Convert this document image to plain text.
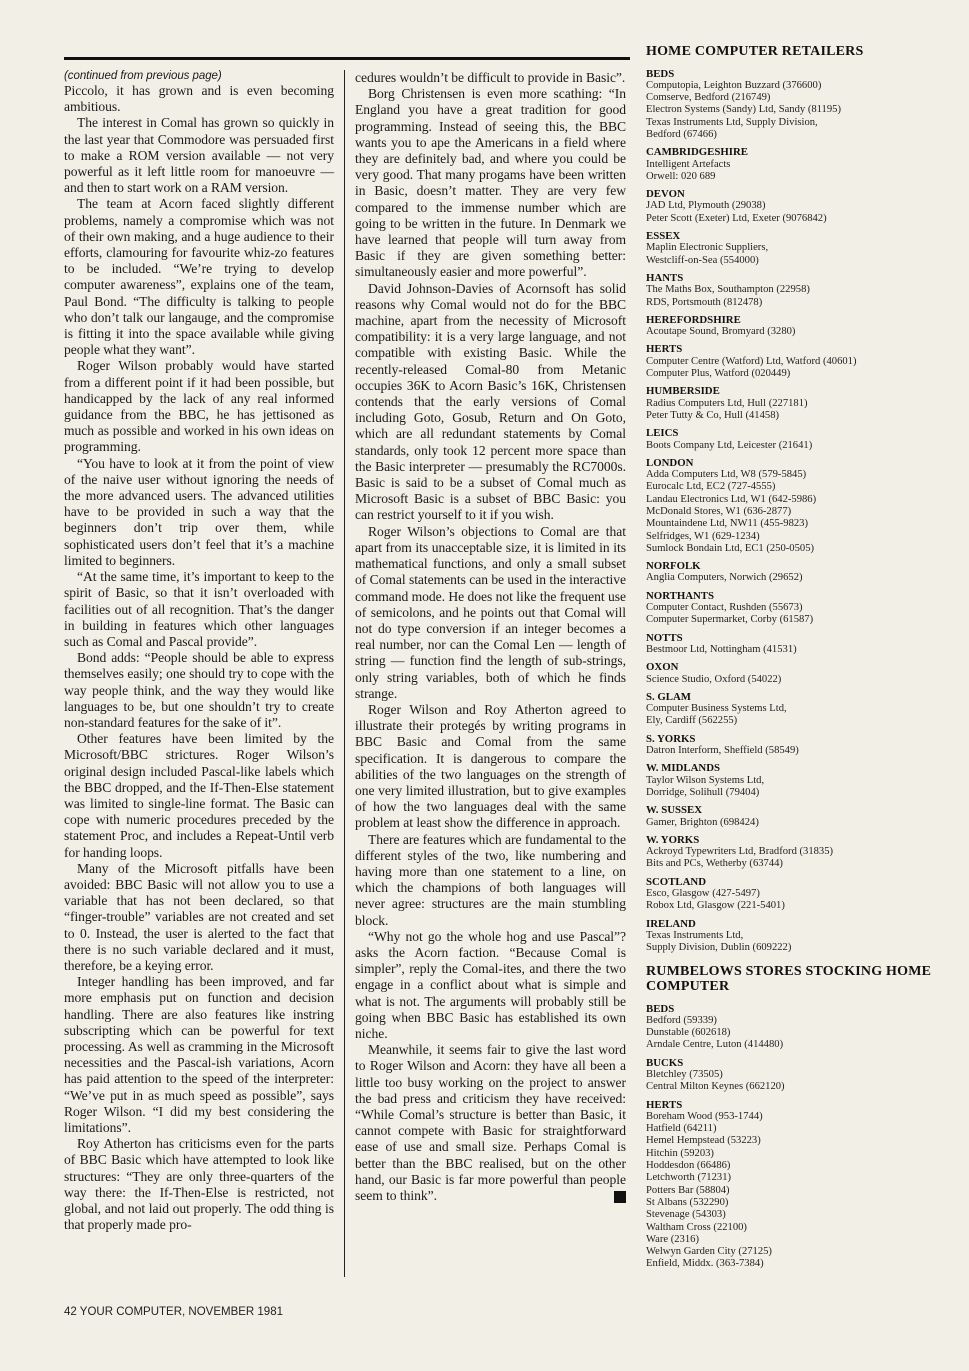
(continued from previous page)

Piccolo, it has grown and is even becoming ambitious.

The interest in Comal has grown so quickly in the last year that Commodore was persuaded first to make a ROM version available — not very powerful as it left little room for manoeuvre — and then to start work on a RAM version.

The team at Acorn faced slightly different problems, namely a compromise which was not of their own making, and a huge audience to their efforts, clamouring for favourite whiz-zo features to be included. “We’re trying to develop computer awareness”, explains one of the team, Paul Bond. “The difficulty is talking to people who don’t talk our langauge, and the compromise is fitting it into the space available while giving people what they want”.

Roger Wilson probably would have started from a different point if it had been possible, but handicapped by the lack of any real informed guidance from the BBC, he has jettisoned as much as possible and worked in his own ideas on programming.

“You have to look at it from the point of view of the naive user without ignoring the needs of the more advanced users. The advanced utilities have to be provided in such a way that the beginners don’t trip over them, while sophisticated users don’t feel that it’s a machine limited to beginners.

“At the same time, it’s important to keep to the spirit of Basic, so that it isn’t overloaded with facilities out of all recognition. That’s the danger in building in features which other languages such as Comal and Pascal provide”.

Bond adds: “People should be able to express themselves easily; one should try to cope with the way people think, and the way they would like languages to be, but one shouldn’t try to create non-standard features for the sake of it”.

Other features have been limited by the Microsoft/BBC strictures. Roger Wilson’s original design included Pascal-like labels which the BBC dropped, and the If-Then-Else statement was limited to single-line format. The Basic can cope with numeric procedures preceded by the statement Proc, and includes a Repeat-Until verb for handing loops.

Many of the Microsoft pitfalls have been avoided: BBC Basic will not allow you to use a variable that has not been declared, so that “finger-trouble” variables are not created and set to 0. Instead, the user is alerted to the fact that there is no such variable declared and it must, therefore, be a keying error.

Integer handling has been improved, and far more emphasis put on function and decision handling. There are also features like instring subscripting which can be powerful for text processing. As well as cramming in the Microsoft necessities and the Pascal-ish variations, Acorn has paid attention to the speed of the interpreter: “We’ve put in as much speed as possible”, says Roger Wilson. “I did my best considering the limitations”.

Roy Atherton has criticisms even for the parts of BBC Basic which have attempted to look like structures: “They are only three-quarters of the way there: the If-Then-Else is restricted, not global, and not laid out properly. The odd thing is that properly made pro-

cedures wouldn’t be difficult to provide in Basic”.

Borg Christensen is even more scathing: “In England you have a great tradition for good programming. Instead of seeing this, the BBC wants you to ape the Americans in a field where they are definitely bad, and where you could be very good. That many progams have been written in Basic, doesn’t matter. They are very few compared to the immense number which are going to be written in the future. In Denmark we have learned that people will turn away from Basic if they are given something better: simultaneously easier and more powerful”.

David Johnson-Davies of Acornsoft has solid reasons why Comal would not do for the BBC machine, apart from the necessity of Microsoft compatibility: it is a very large language, and not compatible with existing Basic. While the recently-released Comal-80 from Metanic occupies 36K to Acorn Basic’s 16K, Christensen contends that the early versions of Comal including Goto, Gosub, Return and On Goto, which are all redundant statements by Comal standards, only took 12 percent more space than the Basic interpreter — presumably the RC7000s. Basic is said to be a subset of Comal much as Microsoft Basic is a subset of BBC Basic: you can restrict yourself to it if you wish.

Roger Wilson’s objections to Comal are that apart from its unacceptable size, it is limited in its mathematical functions, and only a small subset of Comal statements can be used in the interactive command mode. He does not like the frequent use of semicolons, and he points out that Comal will not do type conversion if an integer becomes a real number, nor can the Comal Len — length of string — function find the length of sub-strings, only string variables, both of which he finds strange.

Roger Wilson and Roy Atherton agreed to illustrate their protegés by writing programs in BBC Basic and Comal from the same specification. It is dangerous to compare the abilities of the two languages on the strength of one very limited illustration, but to give examples of how the two languages deal with the same problem at least show the difference in approach.

There are features which are fundamental to the different styles of the two, like numbering and having more than one statement to a line, on which the champions of both languages will never agree: structures are the main stumbling block.

“Why not go the whole hog and use Pascal”? asks the Acorn faction. “Because Comal is simpler”, reply the Comal-ites, and there the two engage in a conflict about what is simple and what is not. The arguments will probably still be going when BBC Basic has established its own niche.

Meanwhile, it seems fair to give the last word to Roger Wilson and Acorn: they have all been a little too busy working on the project to answer the bad press and criticism they have received: “While Comal’s structure is better than Basic, it cannot compete with Basic for straightforward ease of use and small size. Perhaps Comal is better than the BBC realised, but on the other hand, our Basic is far more powerful than people seem to think”.

HOME COMPUTER RETAILERS
BEDS
Computopia, Leighton Buzzard (376600)
Comserve, Bedford (216749)
Electron Systems (Sandy) Ltd, Sandy (81195)
Texas Instruments Ltd, Supply Division,
Bedford (67466)
CAMBRIDGESHIRE
Intelligent Artefacts
Orwell: 020 689
DEVON
JAD Ltd, Plymouth (29038)
Peter Scott (Exeter) Ltd, Exeter (9076842)
ESSEX
Maplin Electronic Suppliers,
Westcliff-on-Sea (554000)
HANTS
The Maths Box, Southampton (22958)
RDS, Portsmouth (812478)
HEREFORDSHIRE
Acoutape Sound, Bromyard (3280)
HERTS
Computer Centre (Watford) Ltd, Watford (40601)
Computer Plus, Watford (020449)
HUMBERSIDE
Radius Computers Ltd, Hull (227181)
Peter Tutty & Co, Hull (41458)
LEICS
Boots Company Ltd, Leicester (21641)
LONDON
Adda Computers Ltd, W8 (579-5845)
Eurocalc Ltd, EC2 (727-4555)
Landau Electronics Ltd, W1 (642-5986)
McDonald Stores, W1 (636-2877)
Mountaindene Ltd, NW11 (455-9823)
Selfridges, W1 (629-1234)
Sumlock Bondain Ltd, EC1 (250-0505)
NORFOLK
Anglia Computers, Norwich (29652)
NORTHANTS
Computer Contact, Rushden (55673)
Computer Supermarket, Corby (61587)
NOTTS
Bestmoor Ltd, Nottingham (41531)
OXON
Science Studio, Oxford (54022)
S. GLAM
Computer Business Systems Ltd,
Ely, Cardiff (562255)
S. YORKS
Datron Interform, Sheffield (58549)
W. MIDLANDS
Taylor Wilson Systems Ltd,
Dorridge, Solihull (79404)
W. SUSSEX
Gamer, Brighton (698424)
W. YORKS
Ackroyd Typewriters Ltd, Bradford (31835)
Bits and PCs, Wetherby (63744)
SCOTLAND
Esco, Glasgow (427-5497)
Robox Ltd, Glasgow (221-5401)
IRELAND
Texas Instruments Ltd,
Supply Division, Dublin (609222)
RUMBELOWS STORES STOCKING HOME COMPUTER
BEDS
Bedford (59339)
Dunstable (602618)
Arndale Centre, Luton (414480)
BUCKS
Bletchley (73505)
Central Milton Keynes (662120)
HERTS
Boreham Wood (953-1744)
Hatfield (64211)
Hemel Hempstead (53223)
Hitchin (59203)
Hoddesdon (66486)
Letchworth (71231)
Potters Bar (58804)
St Albans (532290)
Stevenage (54303)
Waltham Cross (22100)
Ware (2316)
Welwyn Garden City (27125)
Enfield, Middx. (363-7384)
42 YOUR COMPUTER, NOVEMBER 1981
